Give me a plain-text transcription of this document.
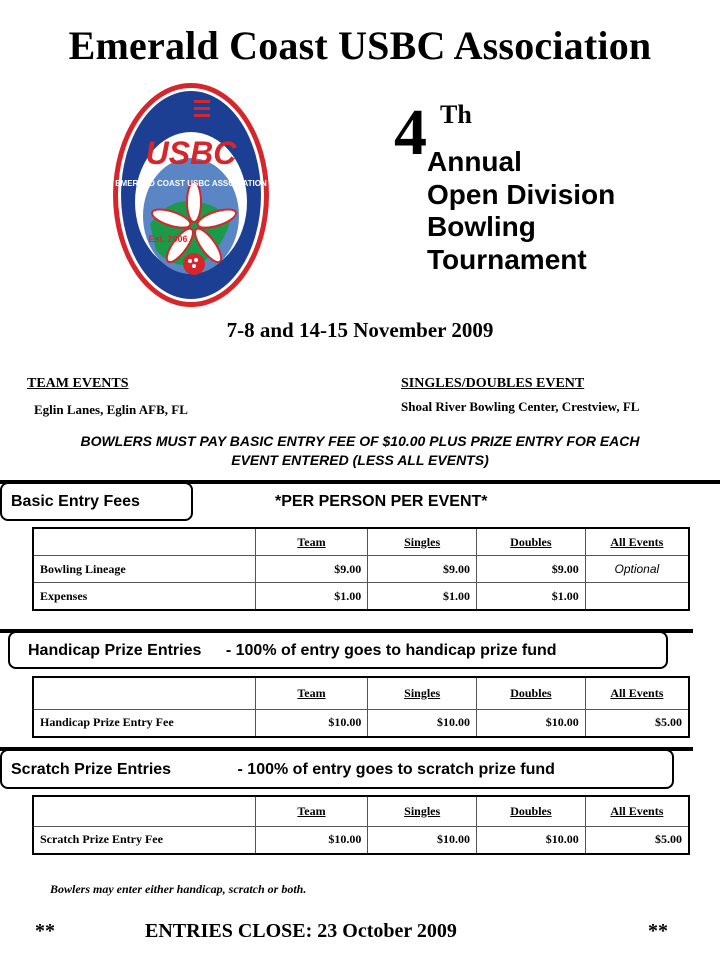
Emerald Coast USBC Association
USBC
EMERALD COAST USBC ASSOCIATION
Est. 2006
4 Th
Annual
Open Division
Bowling
Tournament
7-8 and 14-15 November 2009
TEAM EVENTS
Eglin Lanes, Eglin AFB, FL
SINGLES/DOUBLES EVENT
Shoal River Bowling Center, Crestview, FL
BOWLERS MUST PAY BASIC ENTRY FEE OF $10.00 PLUS PRIZE ENTRY FOR EACH EVENT ENTERED (LESS ALL EVENTS)
Basic Entry Fees	*PER PERSON PER EVENT*
	Team	Singles	Doubles	All Events
Bowling Lineage	$9.00	$9.00	$9.00	Optional
Expenses	$1.00	$1.00	$1.00	
Handicap Prize Entries - 100% of entry goes to handicap prize fund
	Team	Singles	Doubles	All Events
Handicap Prize Entry Fee	$10.00	$10.00	$10.00	$5.00
Scratch Prize Entries	- 100% of entry goes to scratch prize fund
	Team	Singles	Doubles	All Events
Scratch Prize Entry Fee	$10.00	$10.00	$10.00	$5.00
Bowlers may enter either handicap, scratch or both.
**	ENTRIES CLOSE: 23 October 2009	**
